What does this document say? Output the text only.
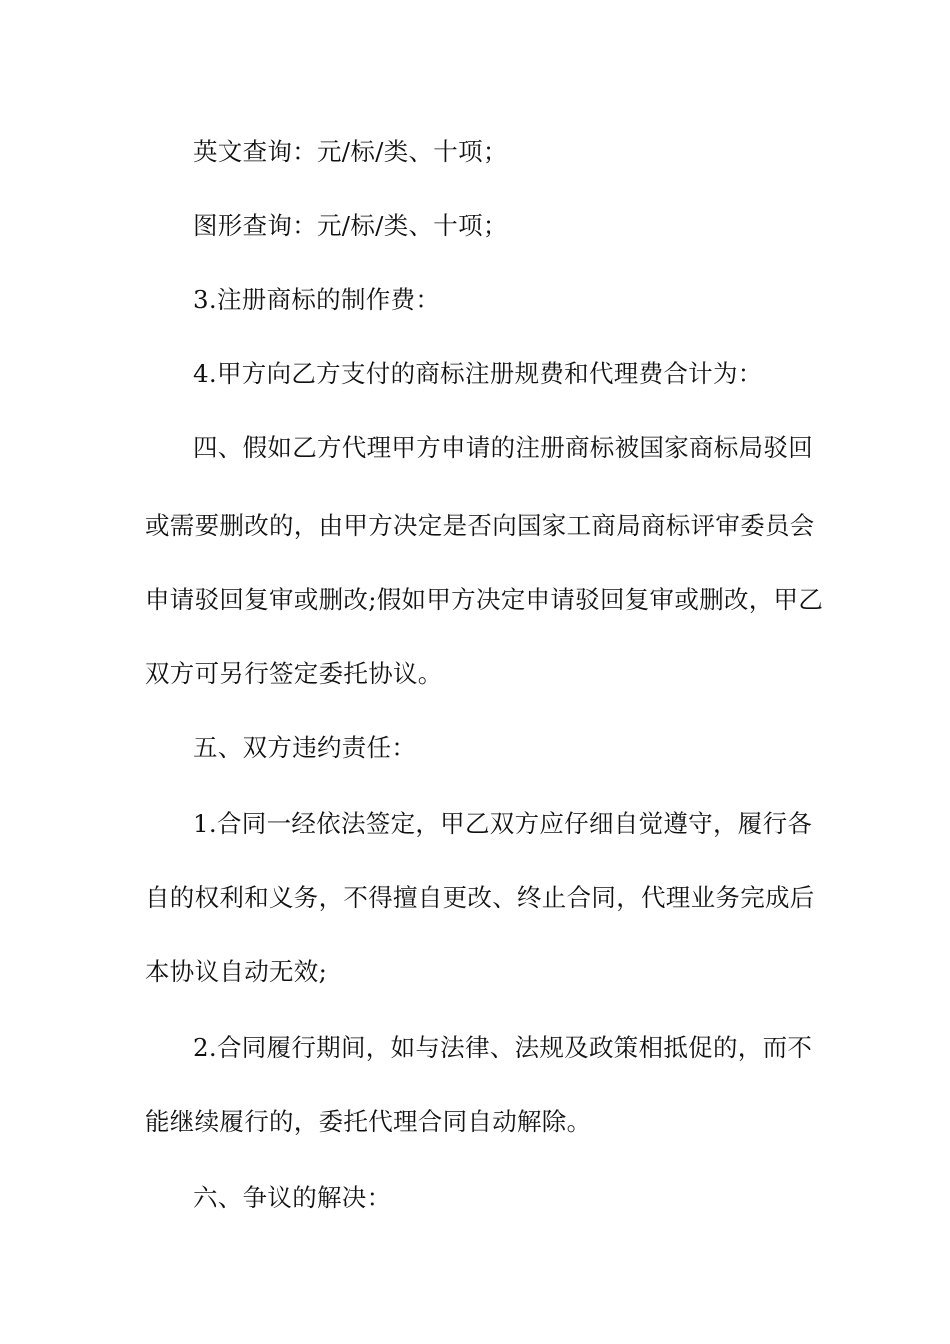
英文查询：元/标/类、十项；
图形查询：元/标/类、十项；
3.注册商标的制作费：
4.甲方向乙方支付的商标注册规费和代理费合计为：
四、假如乙方代理甲方申请的注册商标被国家商标局驳回
或需要删改的，由甲方决定是否向国家工商局商标评审委员会
申请驳回复审或删改;假如甲方决定申请驳回复审或删改，甲乙
双方可另行签定委托协议。
五、双方违约责任：
1.合同一经依法签定，甲乙双方应仔细自觉遵守，履行各
自的权利和义务，不得擅自更改、终止合同，代理业务完成后
本协议自动无效;
2.合同履行期间，如与法律、法规及政策相抵促的，而不
能继续履行的，委托代理合同自动解除。
六、争议的解决：
